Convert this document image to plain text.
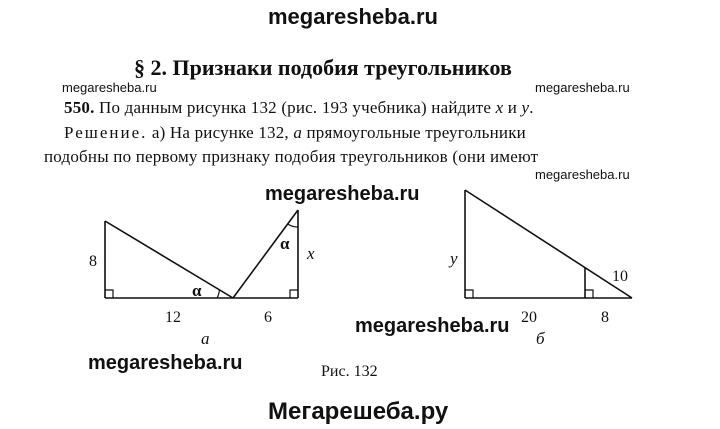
megaresheba.ru
megaresheba.ru	megaresheba.ru
megaresheba.ru
megaresheba.ru
megaresheba.ru
megaresheba.ru
Мегарешеба.ру
§ 2. Признаки подобия треугольников
550. По данным рисунка 132 (рис. 193 учебника) найдите x и y.
Решение. а) На рисунке 132, а прямоугольные треугольники
подобны по первому признаку подобия треугольников (они имеют
8
12	6
α
α
x
а
y
20	8
10
б
Рис. 132
